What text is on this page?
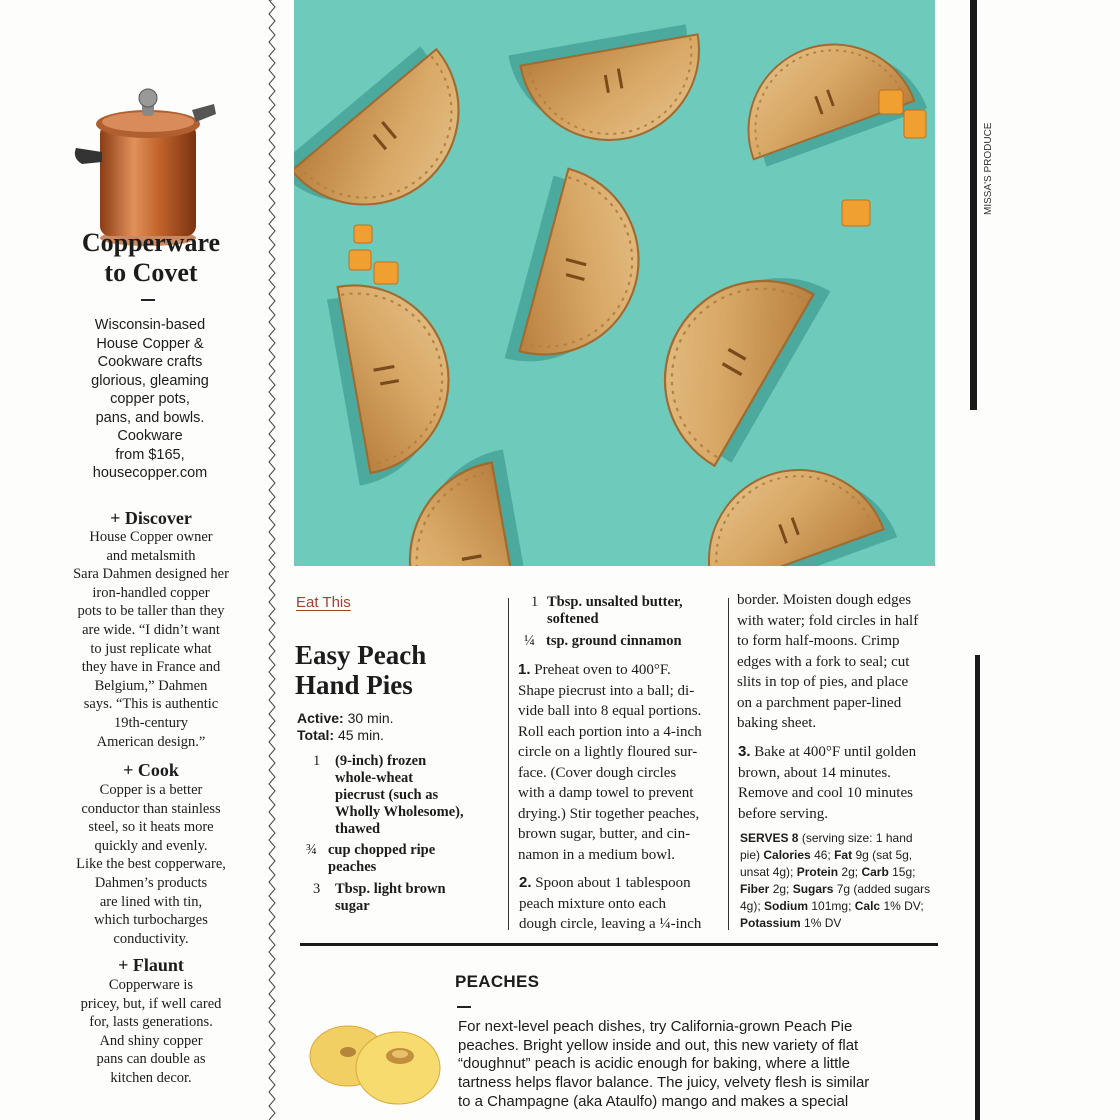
Copperware
to Covet
Wisconsin-based
House Copper &
Cookware crafts
glorious, gleaming
copper pots,
pans, and bowls.
Cookware
from $165,
housecopper.com
+ Discover
House Copper owner
and metalsmith
Sara Dahmen designed her
iron-handled copper
pots to be taller than they
are wide. “I didn’t want
to just replicate what
they have in France and
Belgium,” Dahmen
says. “This is authentic
19th-century
American design.”
+ Cook
Copper is a better
conductor than stainless
steel, so it heats more
quickly and evenly.
Like the best copperware,
Dahmen’s products
are lined with tin,
which turbocharges
conductivity.
+ Flaunt
Copperware is
pricey, but, if well cared
for, lasts generations.
And shiny copper
pans can double as
kitchen decor.
MISSA'S PRODUCE
Eat This
Easy Peach
Hand Pies
Active: 30 min.
Total: 45 min.
1 (9-inch) frozen
whole-wheat
piecrust (such as
Wholly Wholesome),
thawed
¾ cup chopped ripe
peaches
3 Tbsp. light brown
sugar
1 Tbsp. unsalted butter,
softened
¼ tsp. ground cinnamon
1. Preheat oven to 400°F.
Shape piecrust into a ball; di-
vide ball into 8 equal portions.
Roll each portion into a 4-inch
circle on a lightly floured sur-
face. (Cover dough circles
with a damp towel to prevent
drying.) Stir together peaches,
brown sugar, butter, and cin-
namon in a medium bowl.
2. Spoon about 1 tablespoon
peach mixture onto each
dough circle, leaving a ¼-inch
border. Moisten dough edges
with water; fold circles in half
to form half-moons. Crimp
edges with a fork to seal; cut
slits in top of pies, and place
on a parchment paper-lined
baking sheet.
3. Bake at 400°F until golden
brown, about 14 minutes.
Remove and cool 10 minutes
before serving.
SERVES 8 (serving size: 1 hand
pie) Calories 46; Fat 9g (sat 5g,
unsat 4g); Protein 2g; Carb 15g;
Fiber 2g; Sugars 7g (added sugars
4g); Sodium 101mg; Calc 1% DV;
Potassium 1% DV
PEACHES
For next-level peach dishes, try California-grown Peach Pie
peaches. Bright yellow inside and out, this new variety of flat
“doughnut” peach is acidic enough for baking, where a little
tartness helps flavor balance. The juicy, velvety flesh is similar
to a Champagne (aka Ataulfo) mango and makes a special
